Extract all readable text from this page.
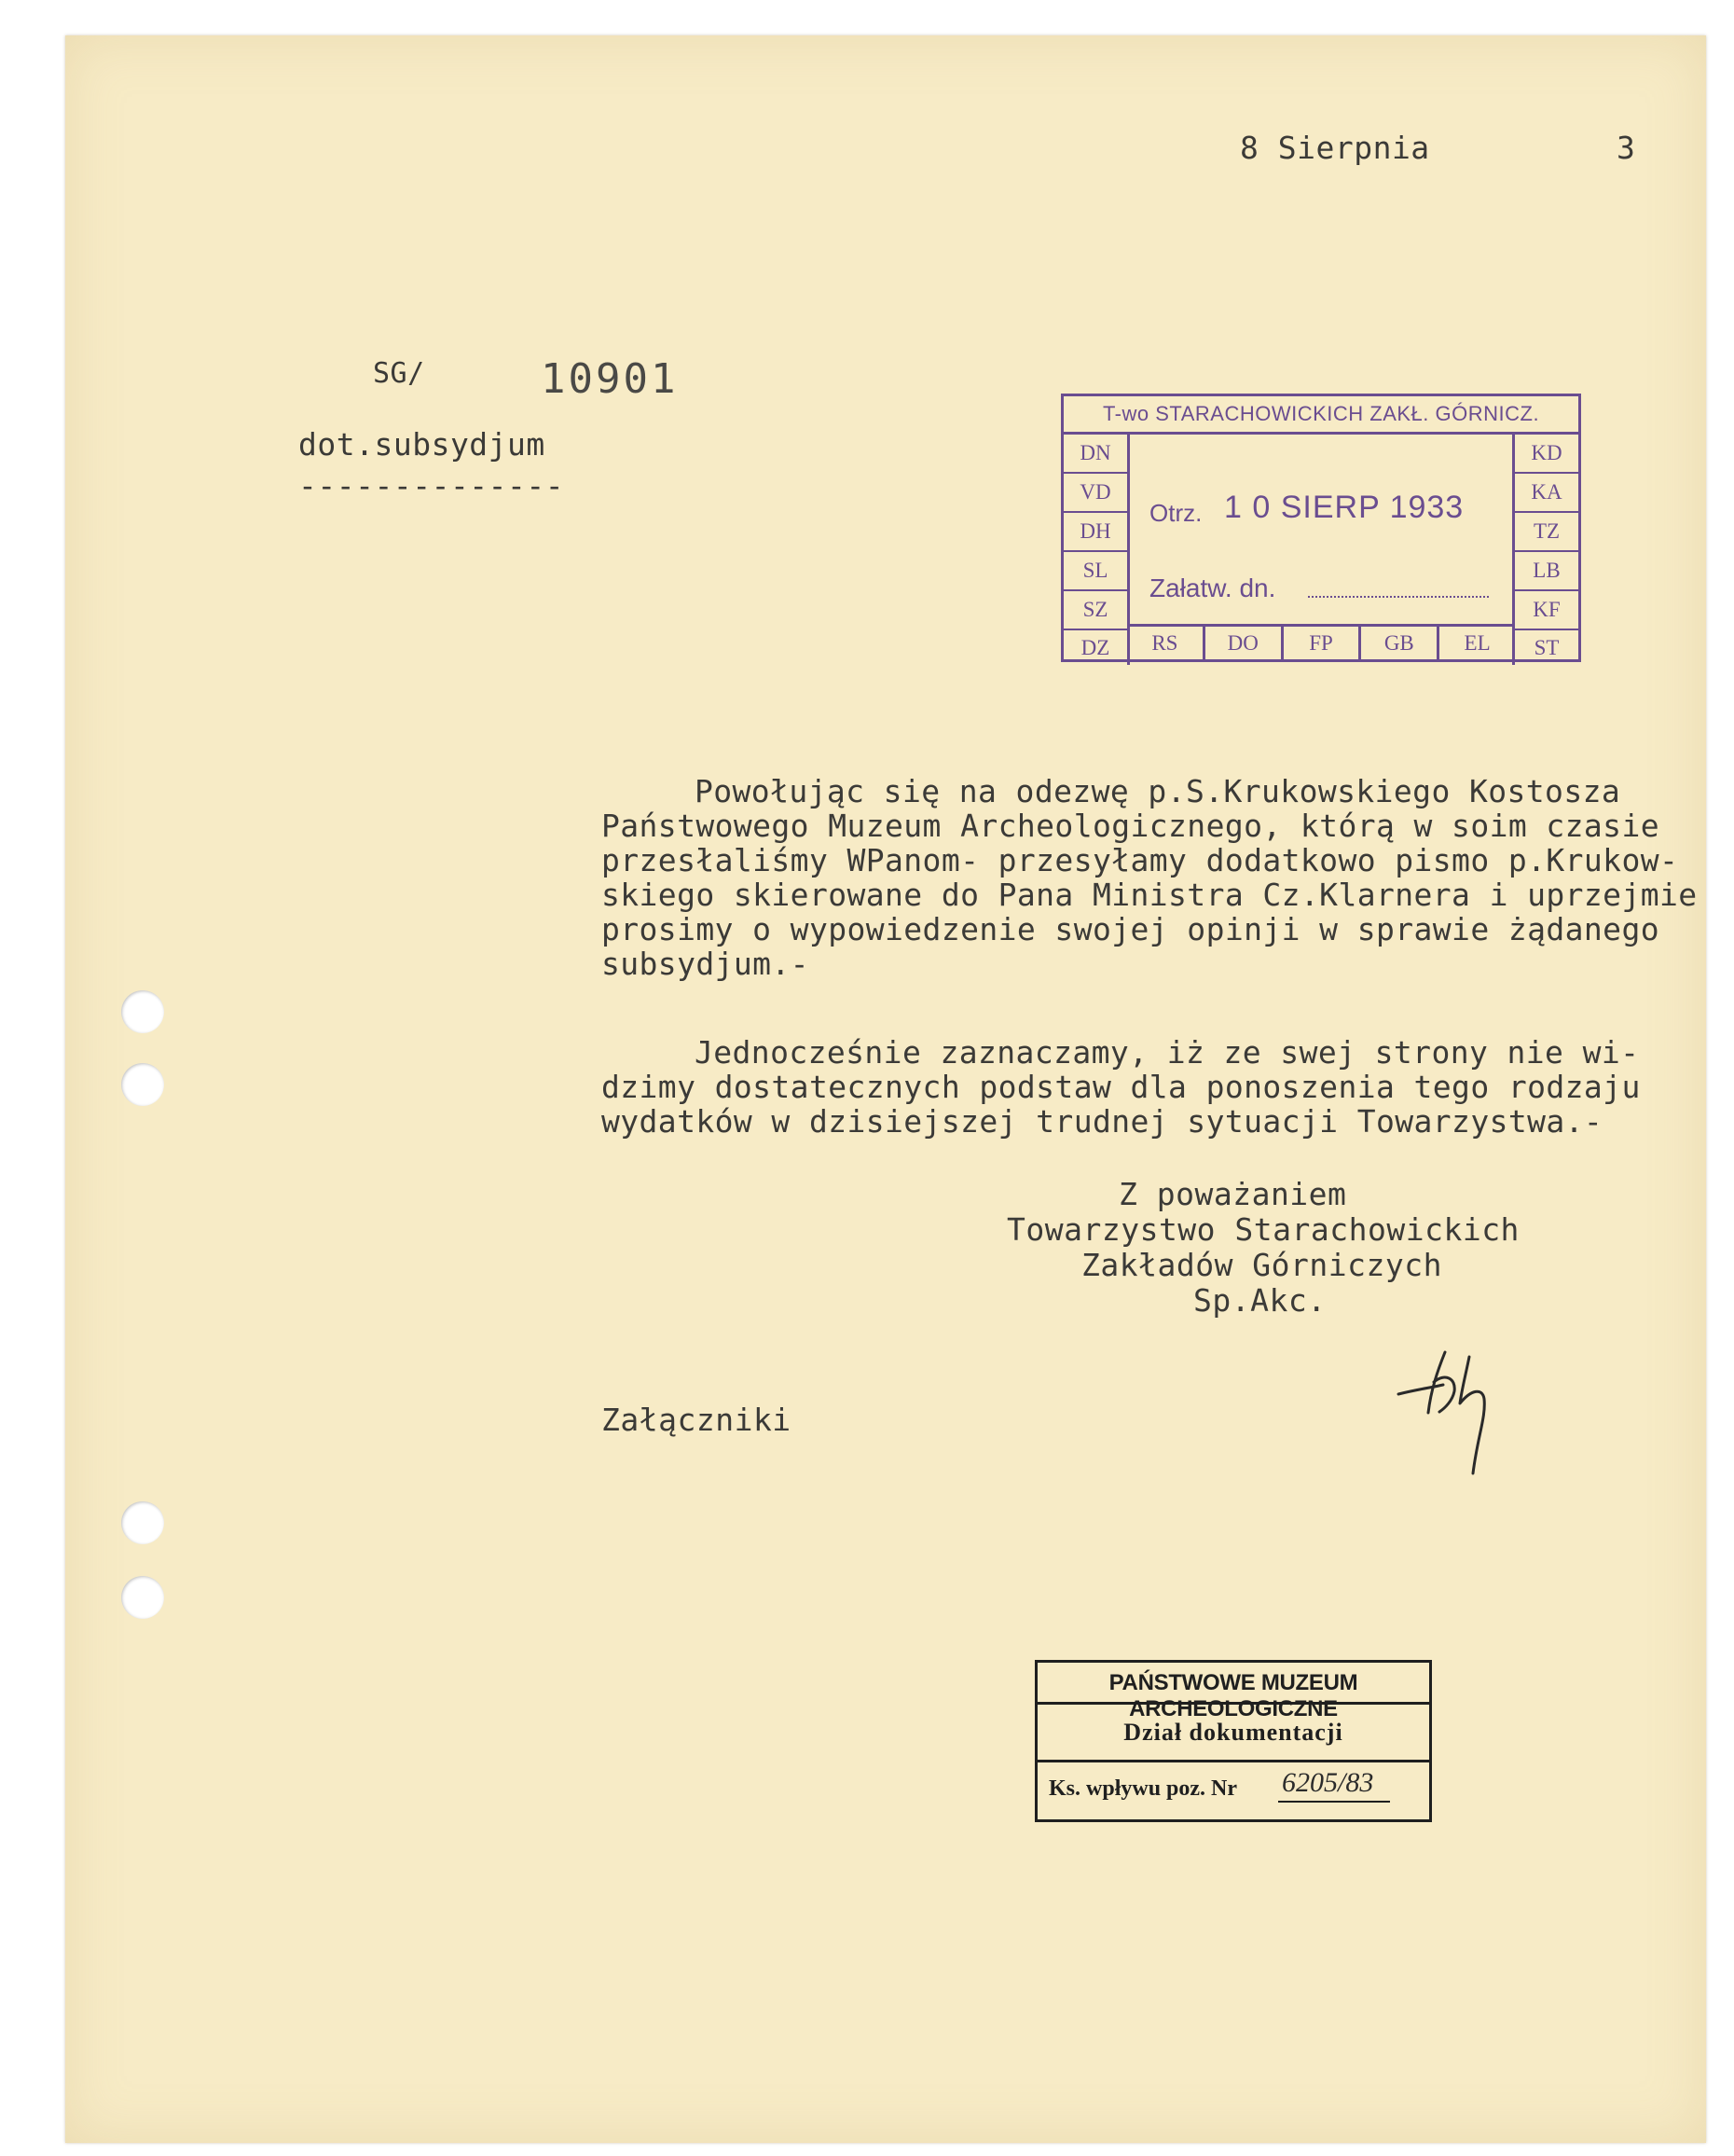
8 Sierpnia	3
SG/	10901
dot.subsydjum
--------------
T-wo STARACHOWICKICH ZAKŁ. GÓRNICZ.
DN
VD
DH
SL
SZ
DZ
KD
KA
TZ
LB
KF
ST
Otrz. 1 0 SIERP 1933
Załatw. dn.
RS	DO	FP	GB	EL
Powołując się na odezwę p.S.Krukowskiego Kostosza
Państwowego Muzeum Archeologicznego, którą w soim czasie
przesłaliśmy WPanom- przesyłamy dodatkowo pismo p.Krukow-
skiego skierowane do Pana Ministra Cz.Klarnera i uprzejmie
prosimy o wypowiedzenie swojej opinji w sprawie żądanego
subsydjum.-
Jednocześnie zaznaczamy, iż ze swej strony nie wi-
dzimy dostatecznych podstaw dla ponoszenia tego rodzaju
wydatków w dzisiejszej trudnej sytuacji Towarzystwa.-
Z poważaniem
Towarzystwo Starachowickich
Zakładów Górniczych
Sp.Akc.
Załączniki
PAŃSTWOWE MUZEUM ARCHEOLOGICZNE
Dział dokumentacji
Ks. wpływu poz. Nr 6205/83
